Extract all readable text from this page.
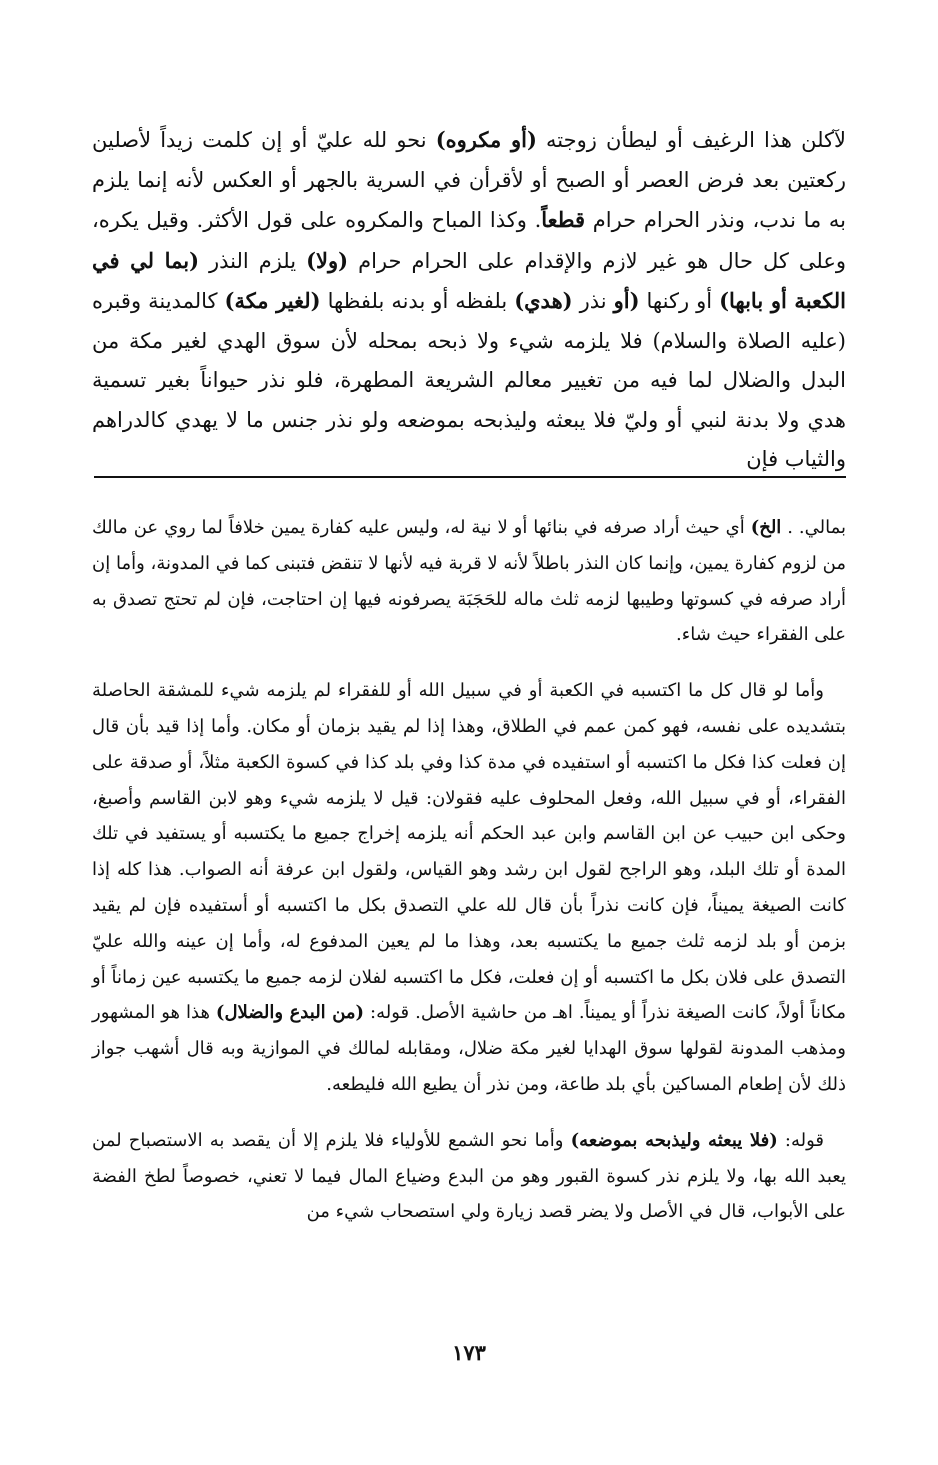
لآكلن هذا الرغيف أو ليطأن زوجته (أو مكروه) نحو لله عليّ أو إن كلمت زيداً لأصلين ركعتين بعد فرض العصر أو الصبح أو لأقرأن في السرية بالجهر أو العكس لأنه إنما يلزم به ما ندب، ونذر الحرام حرام قطعاً. وكذا المباح والمكروه على قول الأكثر. وقيل يكره، وعلى كل حال هو غير لازم والإقدام على الحرام حرام (ولا) يلزم النذر (بما لي في الكعبة أو بابها) أو ركنها (أو نذر (هدي) بلفظه أو بدنه بلفظها (لغير مكة) كالمدينة وقبره (عليه الصلاة والسلام) فلا يلزمه شيء ولا ذبحه بمحله لأن سوق الهدي لغير مكة من البدل والضلال لما فيه من تغيير معالم الشريعة المطهرة، فلو نذر حيواناً بغير تسمية هدي ولا بدنة لنبي أو وليّ فلا يبعثه وليذبحه بموضعه ولو نذر جنس ما لا يهدي كالدراهم والثياب فإن

بمالي. . الخ) أي حيث أراد صرفه في بنائها أو لا نية له، وليس عليه كفارة يمين خلافاً لما روي عن مالك من لزوم كفارة يمين، وإنما كان النذر باطلاً لأنه لا قربة فيه لأنها لا تنقض فتبنى كما في المدونة، وأما إن أراد صرفه في كسوتها وطيبها لزمه ثلث ماله للحَجَبَة يصرفونه فيها إن احتاجت، فإن لم تحتج تصدق به على الفقراء حيث شاء.

وأما لو قال كل ما اكتسبه في الكعبة أو في سبيل الله أو للفقراء لم يلزمه شيء للمشقة الحاصلة بتشديده على نفسه، فهو كمن عمم في الطلاق، وهذا إذا لم يقيد بزمان أو مكان. وأما إذا قيد بأن قال إن فعلت كذا فكل ما اكتسبه أو استفيده في مدة كذا وفي بلد كذا في كسوة الكعبة مثلاً، أو صدقة على الفقراء، أو في سبيل الله، وفعل المحلوف عليه فقولان: قيل لا يلزمه شيء وهو لابن القاسم وأصبغ، وحكى ابن حبيب عن ابن القاسم وابن عبد الحكم أنه يلزمه إخراج جميع ما يكتسبه أو يستفيد في تلك المدة أو تلك البلد، وهو الراجح لقول ابن رشد وهو القياس، ولقول ابن عرفة أنه الصواب. هذا كله إذا كانت الصيغة يميناً، فإن كانت نذراً بأن قال لله علي التصدق بكل ما اكتسبه أو أستفيده فإن لم يقيد بزمن أو بلد لزمه ثلث جميع ما يكتسبه بعد، وهذا ما لم يعين المدفوع له، وأما إن عينه والله عليّ التصدق على فلان بكل ما اكتسبه أو إن فعلت، فكل ما اكتسبه لفلان لزمه جميع ما يكتسبه عين زماناً أو مكاناً أولاً، كانت الصيغة نذراً أو يميناً. اهـ من حاشية الأصل. قوله: (من البدع والضلال) هذا هو المشهور ومذهب المدونة لقولها سوق الهدايا لغير مكة ضلال، ومقابله لمالك في الموازية وبه قال أشهب جواز ذلك لأن إطعام المساكين بأي بلد طاعة، ومن نذر أن يطيع الله فليطعه.

قوله: (فلا يبعثه وليذبحه بموضعه) وأما نحو الشمع للأولياء فلا يلزم إلا أن يقصد به الاستصباح لمن يعبد الله بها، ولا يلزم نذر كسوة القبور وهو من البدع وضياع المال فيما لا تعني، خصوصاً لطخ الفضة على الأبواب، قال في الأصل ولا يضر قصد زيارة ولي استصحاب شيء من

١٧٣
